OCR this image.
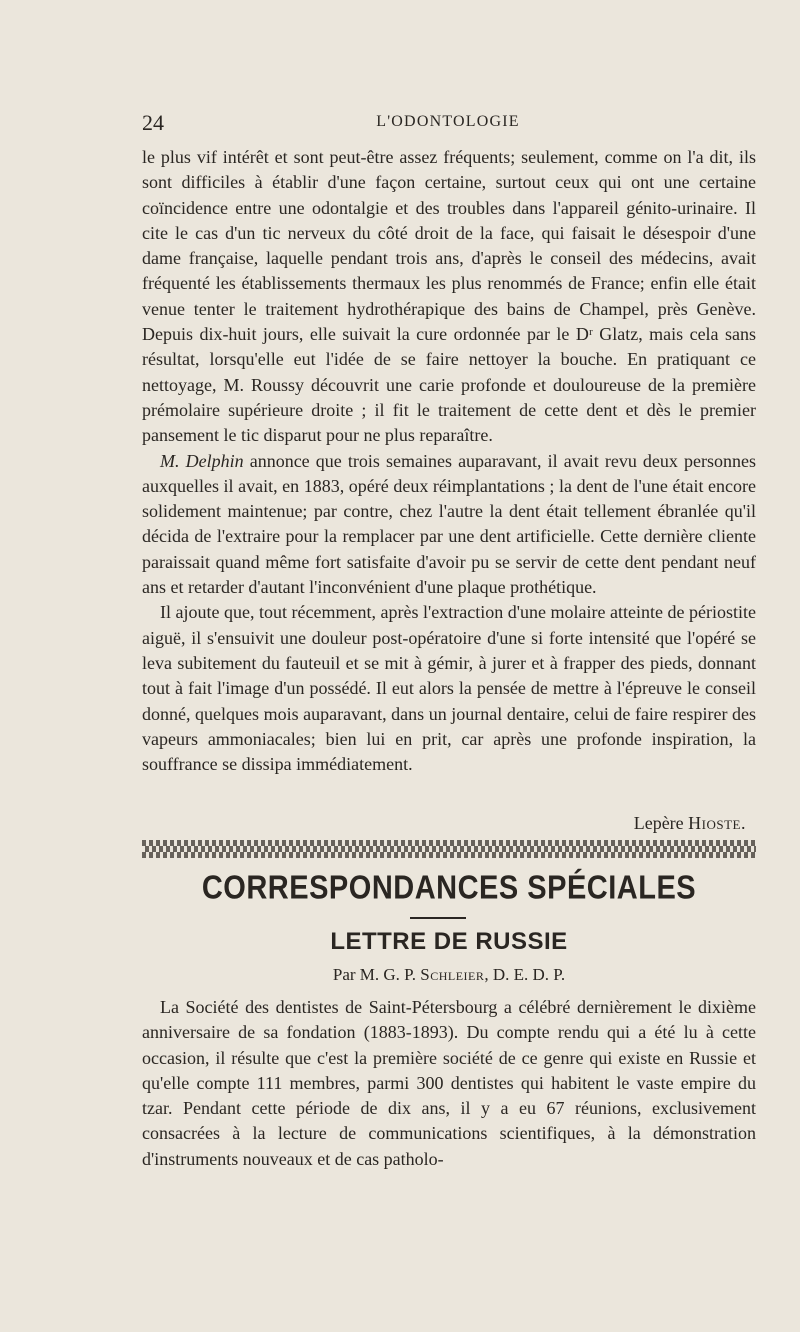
24	L'ODONTOLOGIE

le plus vif intérêt et sont peut-être assez fréquents; seulement, comme on l'a dit, ils sont difficiles à établir d'une façon certaine, surtout ceux qui ont une certaine coïncidence entre une odontalgie et des troubles dans l'appareil génito-urinaire. Il cite le cas d'un tic nerveux du côté droit de la face, qui faisait le désespoir d'une dame française, laquelle pendant trois ans, d'après le conseil des médecins, avait fréquenté les établissements thermaux les plus renommés de France; enfin elle était venue tenter le traitement hydrothérapique des bains de Champel, près Genève. Depuis dix-huit jours, elle suivait la cure ordonnée par le Dʳ Glatz, mais cela sans résultat, lorsqu'elle eut l'idée de se faire nettoyer la bouche. En pratiquant ce nettoyage, M. Roussy découvrit une carie profonde et douloureuse de la première prémolaire supérieure droite ; il fit le traitement de cette dent et dès le premier pansement le tic disparut pour ne plus reparaître.

M. Delphin annonce que trois semaines auparavant, il avait revu deux personnes auxquelles il avait, en 1883, opéré deux réimplantations ; la dent de l'une était encore solidement maintenue; par contre, chez l'autre la dent était tellement ébranlée qu'il décida de l'extraire pour la remplacer par une dent artificielle. Cette dernière cliente paraissait quand même fort satisfaite d'avoir pu se servir de cette dent pendant neuf ans et retarder d'autant l'inconvénient d'une plaque prothétique.

Il ajoute que, tout récemment, après l'extraction d'une molaire atteinte de périostite aiguë, il s'ensuivit une douleur post-opératoire d'une si forte intensité que l'opéré se leva subitement du fauteuil et se mit à gémir, à jurer et à frapper des pieds, donnant tout à fait l'image d'un possédé. Il eut alors la pensée de mettre à l'épreuve le conseil donné, quelques mois auparavant, dans un journal dentaire, celui de faire respirer des vapeurs ammoniacales; bien lui en prit, car après une profonde inspiration, la souffrance se dissipa immédiatement.

Lepère Hioste.
CORRESPONDANCES SPÉCIALES
LETTRE DE RUSSIE
Par M. G. P. Schleier, D. E. D. P.

La Société des dentistes de Saint-Pétersbourg a célébré dernièrement le dixième anniversaire de sa fondation (1883-1893). Du compte rendu qui a été lu à cette occasion, il résulte que c'est la première société de ce genre qui existe en Russie et qu'elle compte 111 membres, parmi 300 dentistes qui habitent le vaste empire du tzar. Pendant cette période de dix ans, il y a eu 67 réunions, exclusivement consacrées à la lecture de communications scientifiques, à la démonstration d'instruments nouveaux et de cas patholo-
